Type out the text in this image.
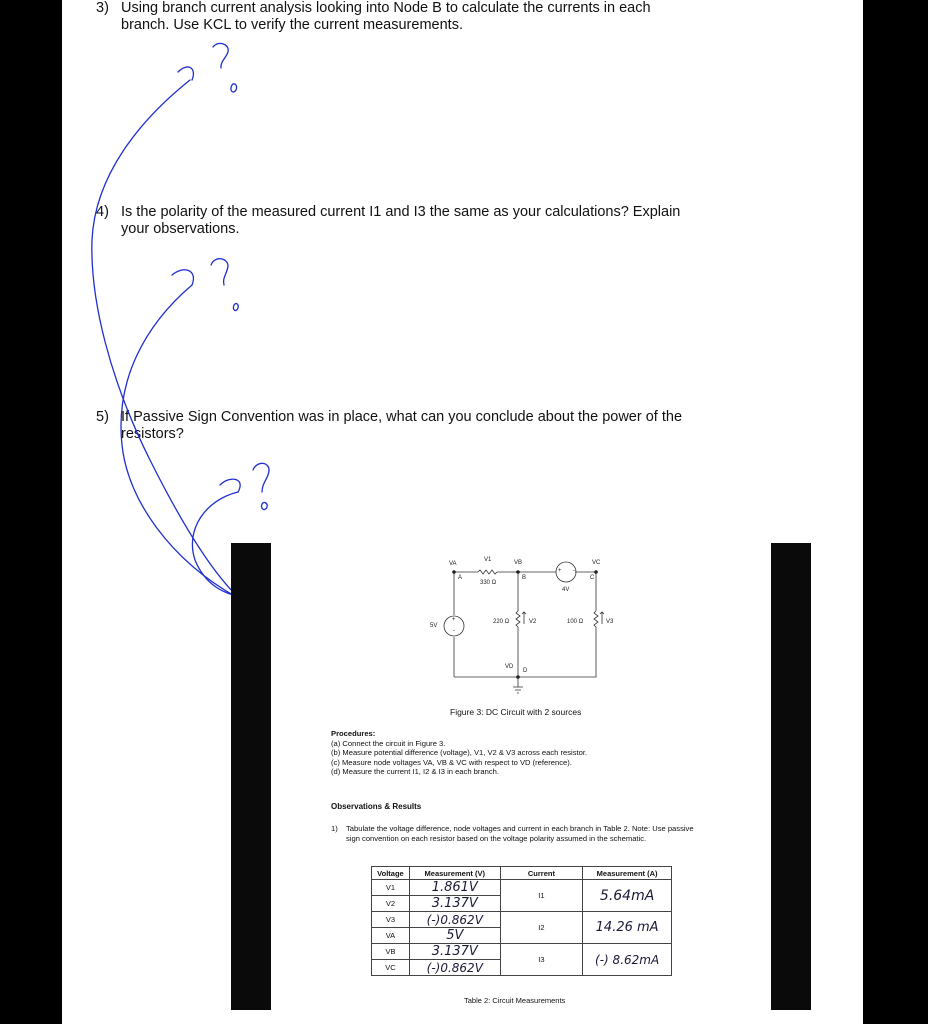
3) Using branch current analysis looking into Node B to calculate the currents in each branch. Use KCL to verify the current measurements.
4) Is the polarity of the measured current I1 and I3 the same as your calculations? Explain your observations.
5) If Passive Sign Convention was in place, what can you conclude about the power of the resistors?
VA
V1	VB	VC
A	B	C
330 Ω
4V
+ -
220 Ω	V2	100 Ω	V3
5V
+
-
VD
D
Figure 3: DC Circuit with 2 sources
Procedures:
(a) Connect the circuit in Figure 3.
(b) Measure potential difference (voltage), V1, V2 & V3 across each resistor.
(c) Measure node voltages VA, VB & VC with respect to VD (reference).
(d) Measure the current I1, I2 & I3 in each branch.
Observations & Results
1) Tabulate the voltage difference, node voltages and current in each branch in Table 2. Note: Use passive sign convention on each resistor based on the voltage polarity assumed in the schematic.
Voltage	Measurement (V)	Current	Measurement (A)
V1	1.861V	I1	5.64mA
V2	3.137V		
V3	(-)0.862V	I2	14.26 mA
VA	5V		
VB	3.137V	I3	(-) 8.62mA
VC	(-)0.862V		
Table 2: Circuit Measurements
